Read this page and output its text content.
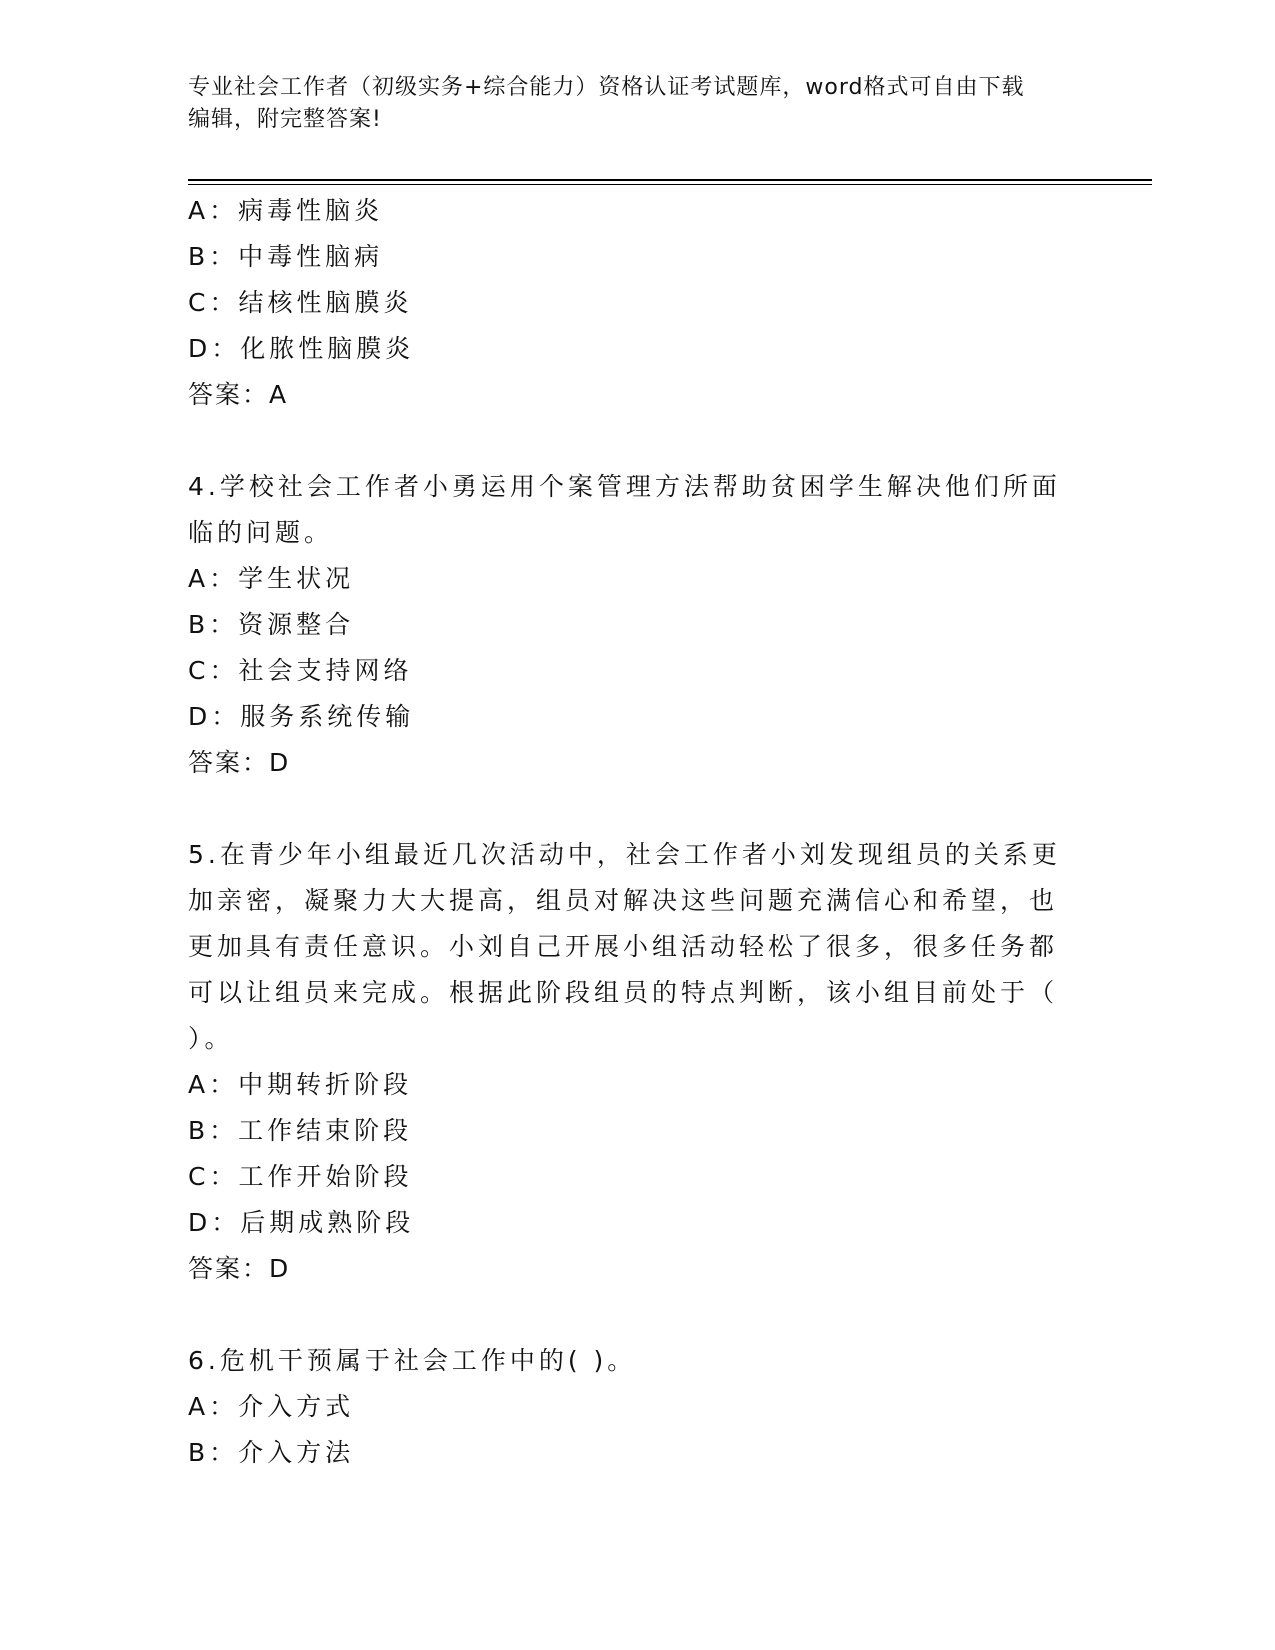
专业社会工作者（初级实务+综合能力）资格认证考试题库，word格式可自由下载
编辑，附完整答案!
A：病毒性脑炎
B：中毒性脑病
C：结核性脑膜炎
D：化脓性脑膜炎
答案：A
4.学校社会工作者小勇运用个案管理方法帮助贫困学生解决他们所面
临的问题。
A：学生状况
B：资源整合
C：社会支持网络
D：服务系统传输
答案：D
5.在青少年小组最近几次活动中，社会工作者小刘发现组员的关系更
加亲密，凝聚力大大提高，组员对解决这些问题充满信心和希望，也
更加具有责任意识。小刘自己开展小组活动轻松了很多，很多任务都
可以让组员来完成。根据此阶段组员的特点判断，该小组目前处于（
）。
A：中期转折阶段
B：工作结束阶段
C：工作开始阶段
D：后期成熟阶段
答案：D
6.危机干预属于社会工作中的( )。
A：介入方式
B：介入方法
